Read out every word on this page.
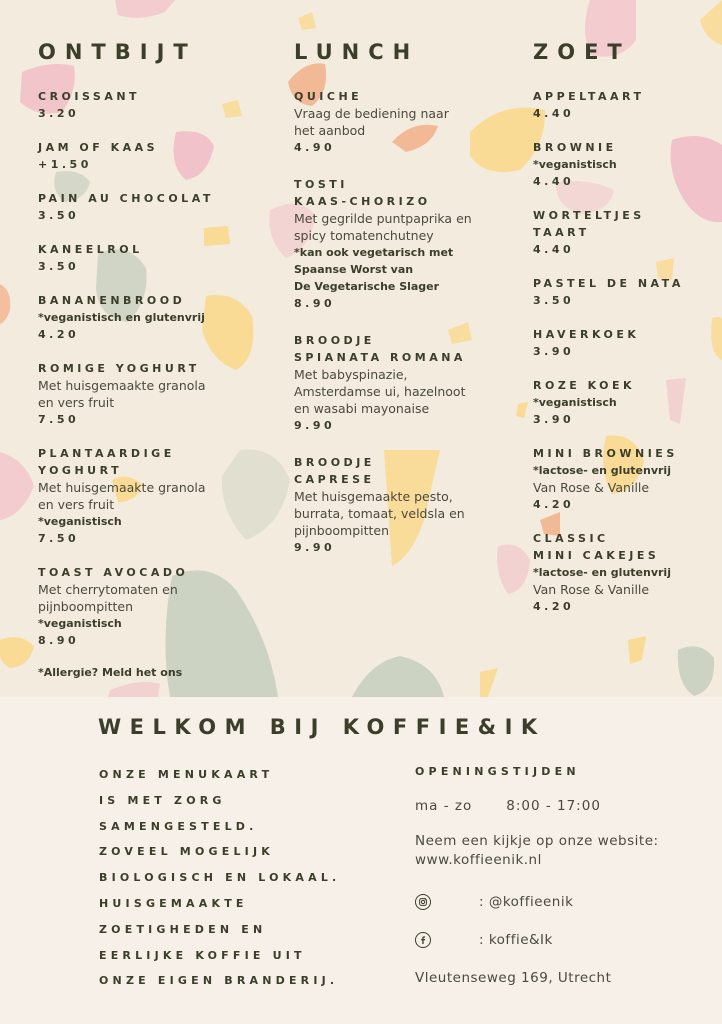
ONTBIJT
CROISSANT
3.20
JAM OF KAAS
+1.50
PAIN AU CHOCOLAT
3.50
KANEELROL
3.50
BANANENBROOD
*veganistisch en glutenvrij
4.20
ROMIGE YOGHURT
Met huisgemaakte granola
en vers fruit
7.50
PLANTAARDIGE
YOGHURT
Met huisgemaakte granola
en vers fruit
*veganistisch
7.50
TOAST AVOCADO
Met cherrytomaten en
pijnboompitten
*veganistisch
8.90
*Allergie? Meld het ons
LUNCH
QUICHE
Vraag de bediening naar
het aanbod
4.90
TOSTI
KAAS-CHORIZO
Met gegrilde puntpaprika en
spicy tomatenchutney
*kan ook vegetarisch met
Spaanse Worst van
De Vegetarische Slager
8.90
BROODJE
SPIANATA ROMANA
Met babyspinazie,
Amsterdamse ui, hazelnoot
en wasabi mayonaise
9.90
BROODJE
CAPRESE
Met huisgemaakte pesto,
burrata, tomaat, veldsla en
pijnboompitten
9.90
ZOET
APPELTAART
4.40
BROWNIE
*veganistisch
4.40
WORTELTJES
TAART
4.40
PASTEL DE NATA
3.50
HAVERKOEK
3.90
ROZE KOEK
*veganistisch
3.90
MINI BROWNIES
*lactose- en glutenvrij
Van Rose & Vanille
4.20
CLASSIC
MINI CAKEJES
*lactose- en glutenvrij
Van Rose & Vanille
4.20
WELKOM BIJ KOFFIE&IK
ONZE MENUKAART
IS MET ZORG
SAMENGESTELD.
ZOVEEL MOGELIJK
BIOLOGISCH EN LOKAAL.
HUISGEMAAKTE
ZOETIGHEDEN EN
EERLIJKE KOFFIE UIT
ONZE EIGEN BRANDERIJ.
OPENINGSTIJDEN
ma - zo	8:00 - 17:00
Neem een kijkje op onze website:
www.koffieenik.nl
: @koffieenik
: koffie&Ik
Vleutenseweg 169, Utrecht
